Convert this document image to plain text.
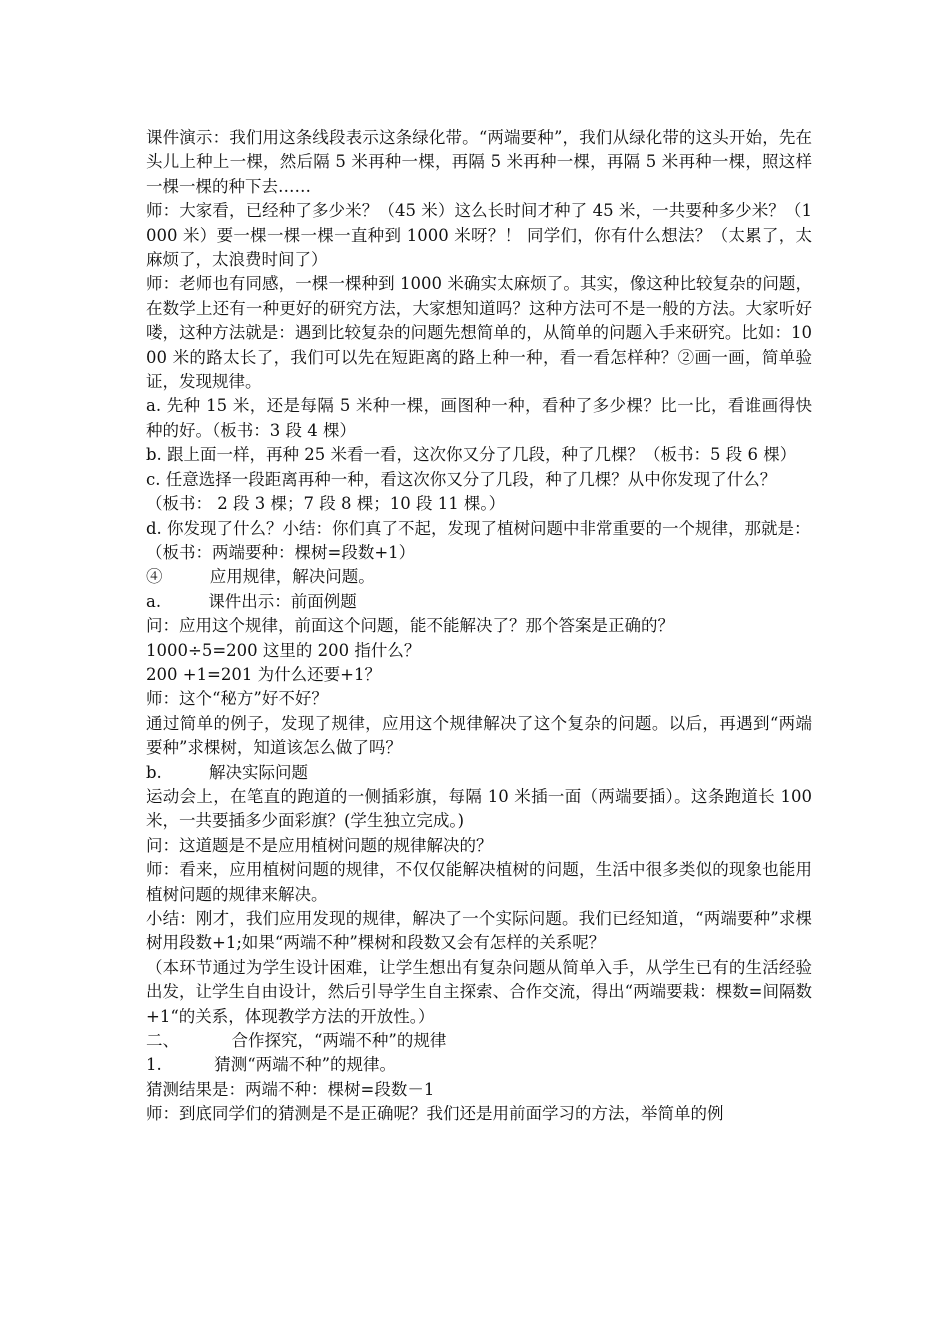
课件演示：我们用这条线段表示这条绿化带。“两端要种”，我们从绿化带的这头开始，先在头儿上种上一棵，然后隔 5 米再种一棵，再隔 5 米再种一棵，再隔 5 米再种一棵，照这样一棵一棵的种下去……

师：大家看，已经种了多少米？（45 米）这么长时间才种了 45 米，一共要种多少米？（1000 米）要一棵一棵一棵一直种到 1000 米呀？！ 同学们，你有什么想法？（太累了，太麻烦了，太浪费时间了）

师：老师也有同感，一棵一棵种到 1000 米确实太麻烦了。其实，像这种比较复杂的问题，在数学上还有一种更好的研究方法，大家想知道吗？这种方法可不是一般的方法。大家听好喽，这种方法就是：遇到比较复杂的问题先想简单的，从简单的问题入手来研究。比如：1000 米的路太长了，我们可以先在短距离的路上种一种，看一看怎样种？②画一画，简单验证，发现规律。

a. 先种 15 米，还是每隔 5 米种一棵，画图种一种，看种了多少棵？比一比，看谁画得快种的好。（板书：3 段 4 棵）

b. 跟上面一样，再种 25 米看一看，这次你又分了几段，种了几棵？（板书：5 段 6 棵）

c. 任意选择一段距离再种一种，看这次你又分了几段，种了几棵？从中你发现了什么？

（板书： 2 段 3 棵；7 段 8 棵；10 段 11 棵。）

d. 你发现了什么？小结：你们真了不起，发现了植树问题中非常重要的一个规律，那就是：

（板书：两端要种：棵树=段数+1）

④         应用规律，解决问题。

a.         课件出示：前面例题

问：应用这个规律，前面这个问题，能不能解决了？那个答案是正确的？

1000÷5=200 这里的 200 指什么？

200 +1=201 为什么还要+1？

师：这个“秘方”好不好？

通过简单的例子，发现了规律，应用这个规律解决了这个复杂的问题。以后，再遇到“两端要种”求棵树，知道该怎么做了吗？

b.         解决实际问题

运动会上，在笔直的跑道的一侧插彩旗，每隔 10 米插一面（两端要插）。这条跑道长 100 米，一共要插多少面彩旗？(学生独立完成。)

问：这道题是不是应用植树问题的规律解决的？

师：看来，应用植树问题的规律，不仅仅能解决植树的问题，生活中很多类似的现象也能用植树问题的规律来解决。

小结：刚才，我们应用发现的规律，解决了一个实际问题。我们已经知道，“两端要种”求棵树用段数+1;如果“两端不种”棵树和段数又会有怎样的关系呢？

（本环节通过为学生设计困难，让学生想出有复杂问题从简单入手，从学生已有的生活经验出发，让学生自由设计，然后引导学生自主探索、合作交流，得出“两端要栽：棵数=间隔数+1“的关系，体现教学方法的开放性。）

二、          合作探究，“两端不种”的规律

1.          猜测“两端不种”的规律。

猜测结果是：两端不种：棵树=段数－1

师：到底同学们的猜测是不是正确呢？我们还是用前面学习的方法，举简单的例
